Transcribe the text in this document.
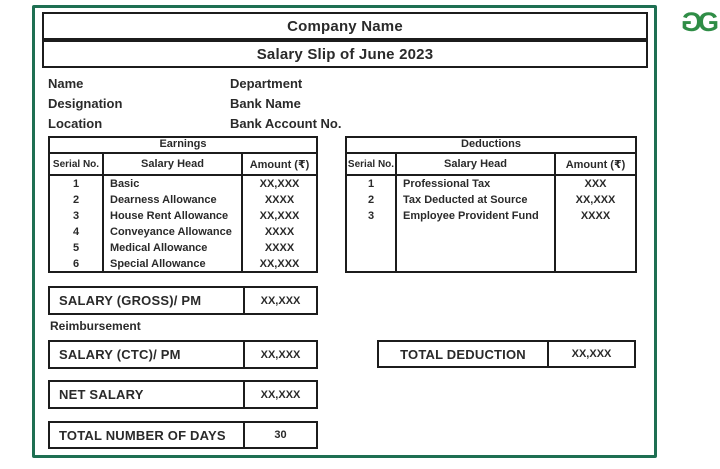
G
G
Company Name
Salary Slip of June 2023
Name	Department
Designation	Bank Name
Location	Bank Account No.
Earnings
Serial No.	Salary Head	Amount (₹)
1	Basic	XX,XXX
2	Dearness Allowance	XXXX
3	House Rent Allowance	XX,XXX
4	Conveyance Allowance	XXXX
5	Medical Allowance	XXXX
6	Special Allowance	XX,XXX
Deductions
Serial No.	Salary Head	Amount (₹)
1	Professional Tax	XXX
2	Tax Deducted at Source	XX,XXX
3	Employee Provident Fund	XXXX
SALARY (GROSS)/ PM	XX,XXX
Reimbursement
SALARY (CTC)/ PM	XX,XXX	TOTAL DEDUCTION	XX,XXX
NET SALARY	XX,XXX
TOTAL NUMBER OF DAYS	30
